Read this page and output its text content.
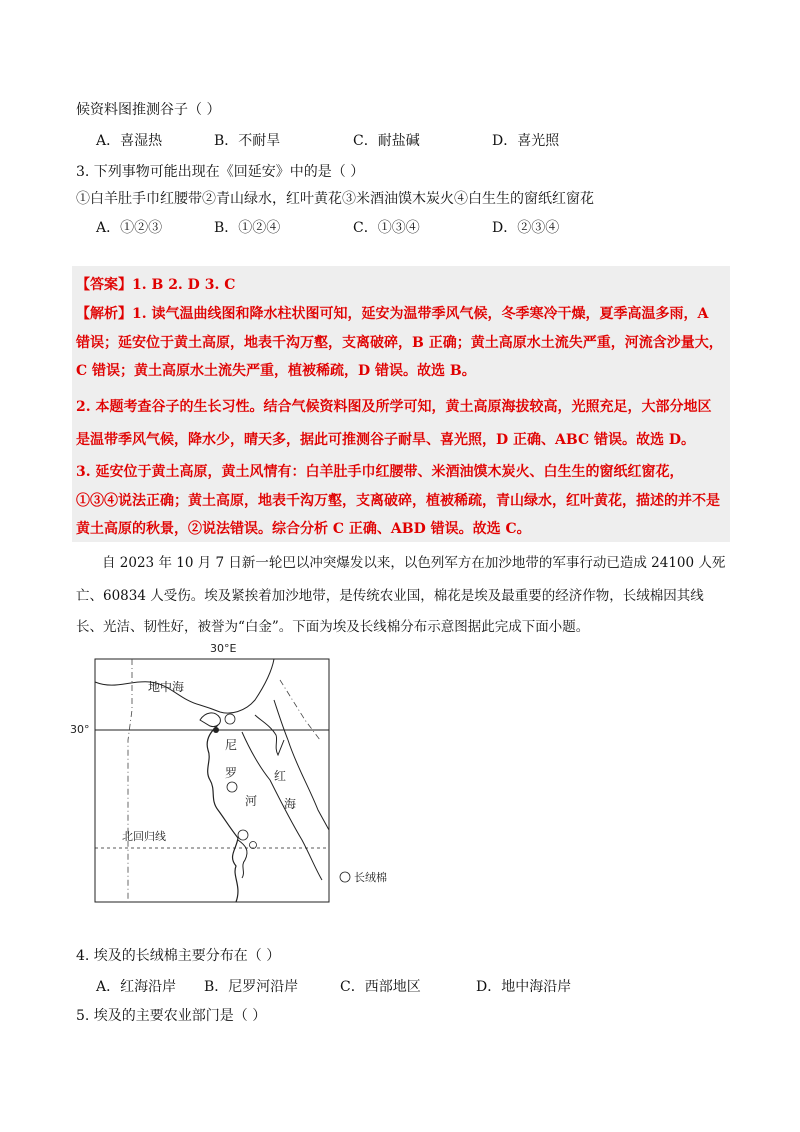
候资料图推测谷子（ ）
A．喜湿热	B．不耐旱	C．耐盐碱	D．喜光照
3. 下列事物可能出现在《回延安》中的是（ ）
①白羊肚手巾红腰带②青山绿水，红叶黄花③米酒油馍木炭火④白生生的窗纸红窗花
A．①②③	B．①②④	C．①③④	D．②③④
【答案】1. B 2. D 3. C
【解析】1. 读气温曲线图和降水柱状图可知，延安为温带季风气候，冬季寒冷干燥，夏季高温多雨，A
错误；延安位于黄土高原，地表千沟万壑，支离破碎，B 正确；黄土高原水土流失严重，河流含沙量大，
C 错误；黄土高原水土流失严重，植被稀疏，D 错误。故选 B。
2. 本题考查谷子的生长习性。结合气候资料图及所学可知，黄土高原海拔较高，光照充足，大部分地区
是温带季风气候，降水少，晴天多，据此可推测谷子耐旱、喜光照，D 正确、ABC 错误。故选 D。
3. 延安位于黄土高原，黄土风情有：白羊肚手巾红腰带、米酒油馍木炭火、白生生的窗纸红窗花，
①③④说法正确；黄土高原，地表千沟万壑，支离破碎，植被稀疏，青山绿水，红叶黄花，描述的并不是
黄土高原的秋景，②说法错误。综合分析 C 正确、ABD 错误。故选 C。
自 2023 年 10 月 7 日新一轮巴以冲突爆发以来，以色列军方在加沙地带的军事行动已造成 24100 人死
亡、60834 人受伤。埃及紧挨着加沙地带，是传统农业国，棉花是埃及最重要的经济作物，长绒棉因其线
长、光洁、韧性好，被誉为“白金”。下面为埃及长线棉分布示意图据此完成下面小题。
30°E
30°
地中海
北回归线
尼
罗
河
红
海
长绒棉
4. 埃及的长绒棉主要分布在（ ）
A．红海沿岸 B．尼罗河沿岸	C．西部地区	D．地中海沿岸
5. 埃及的主要农业部门是（ ）
